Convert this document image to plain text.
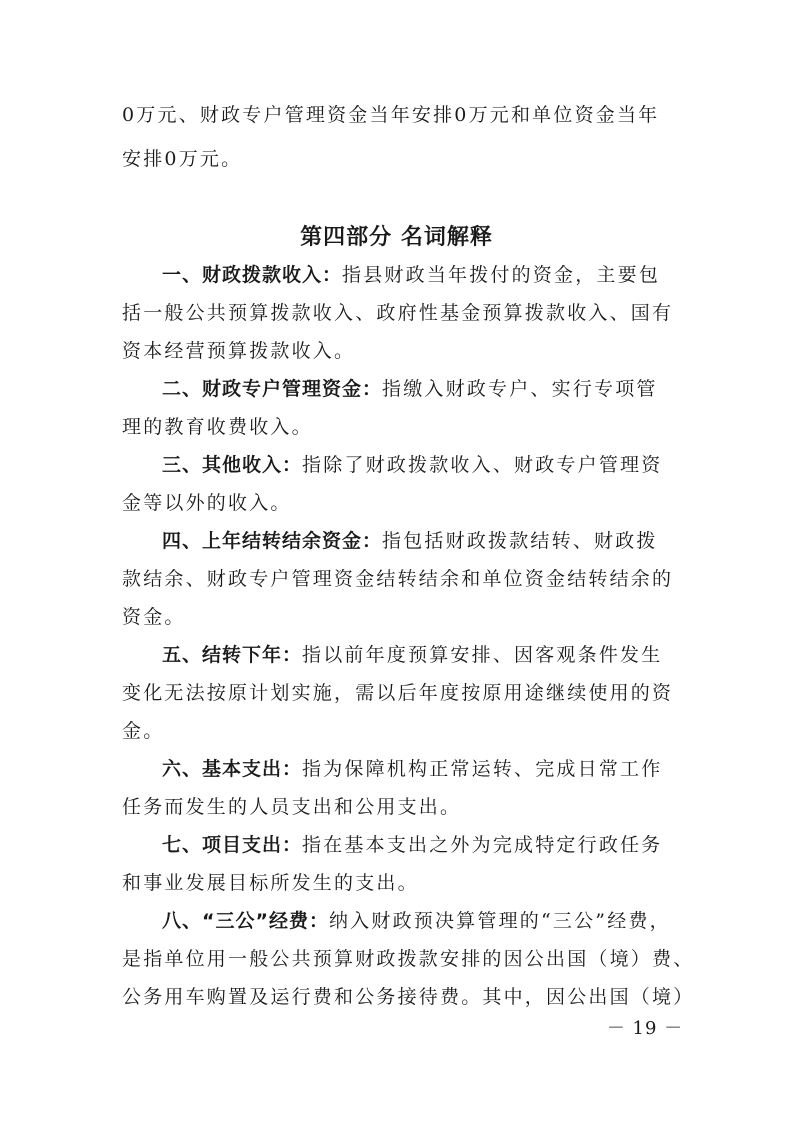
0万元、财政专户管理资金当年安排0万元和单位资金当年
安排0万元。
第四部分 名词解释
一、财政拨款收入：指县财政当年拨付的资金，主要包
括一般公共预算拨款收入、政府性基金预算拨款收入、国有
资本经营预算拨款收入。
二、财政专户管理资金：指缴入财政专户、实行专项管
理的教育收费收入。
三、其他收入：指除了财政拨款收入、财政专户管理资
金等以外的收入。
四、上年结转结余资金：指包括财政拨款结转、财政拨
款结余、财政专户管理资金结转结余和单位资金结转结余的
资金。
五、结转下年：指以前年度预算安排、因客观条件发生
变化无法按原计划实施，需以后年度按原用途继续使用的资
金。
六、基本支出：指为保障机构正常运转、完成日常工作
任务而发生的人员支出和公用支出。
七、项目支出：指在基本支出之外为完成特定行政任务
和事业发展目标所发生的支出。
八、“三公”经费：纳入财政预决算管理的“三公”经费，
是指单位用一般公共预算财政拨款安排的因公出国（境）费、
公务用车购置及运行费和公务接待费。其中，因公出国（境）
－ 19 －
